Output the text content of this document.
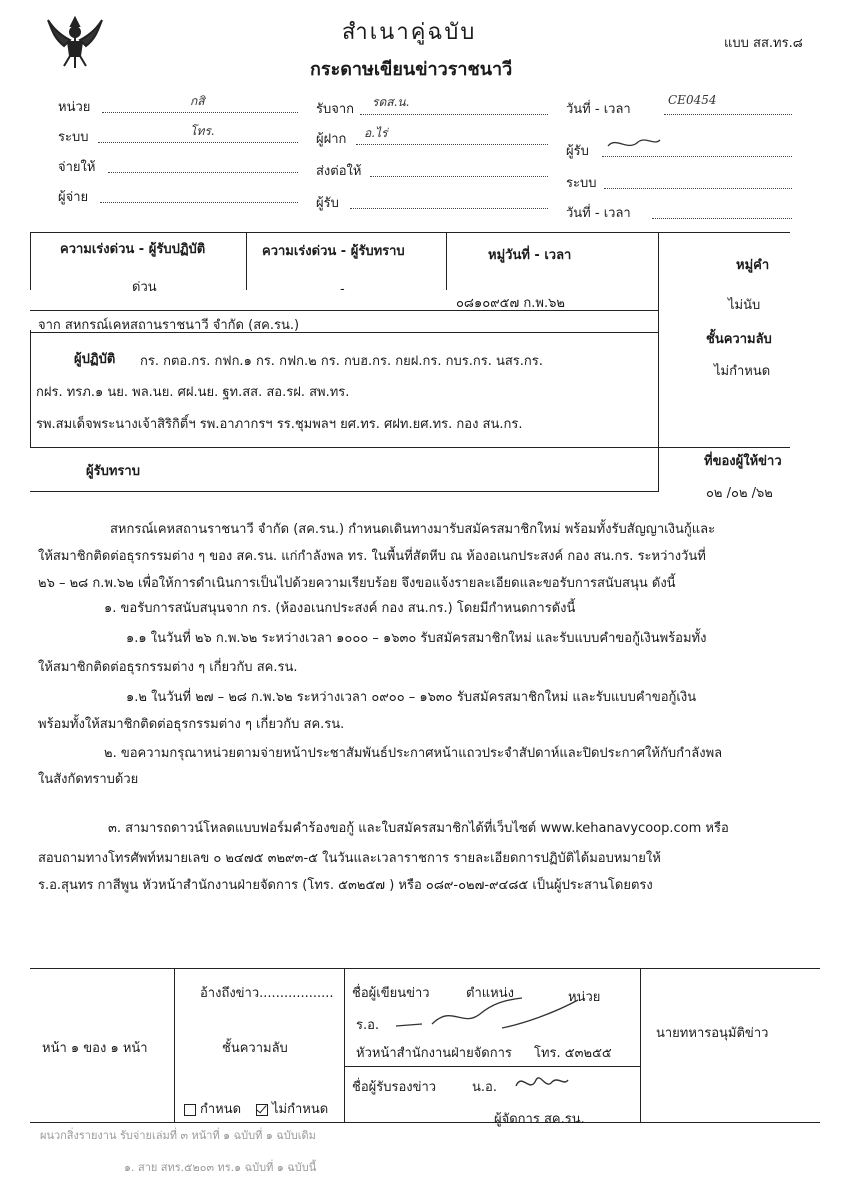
สำเนาคู่ฉบับ
กระดาษเขียนข่าวราชนาวี
แบบ สส.ทร.๘
หน่วย	กสิ
ระบบ	โทร.
จ่ายให้
ผู้จ่าย
รับจาก รดส.น.
ผู้ฝาก อ.ไร่
ส่งต่อให้
ผู้รับ
วันที่ - เวลา
CE0454
ผู้รับ
ระบบ
วันที่ - เวลา
ความเร่งด่วน - ผู้รับปฏิบัติ
ด่วน
ความเร่งด่วน - ผู้รับทราบ
-
หมู่วันที่ - เวลา
๐๘๑๐๙๕๗ ก.พ.๖๒
หมู่คำ
ไม่นับ
จาก สหกรณ์เคหสถานราชนาวี จำกัด (สค.รน.)
ชั้นความลับ
ไม่กำหนด
ผู้ปฏิบัติ กร. กตอ.กร. กฟก.๑ กร. กฟก.๒ กร. กบฮ.กร. กยฝ.กร. กบร.กร. นสร.กร.
กฝร. ทรภ.๑ นย. พล.นย. ศฝ.นย. ฐท.สส. สอ.รฝ. สพ.ทร.
รพ.สมเด็จพระนางเจ้าสิริกิติ์ฯ รพ.อาภากรฯ รร.ชุมพลฯ ยศ.ทร. ศฝท.ยศ.ทร. กอง สน.กร.
ผู้รับทราบ
ที่ของผู้ให้ข่าว
๐๒ /๐๒ /๖๒
สหกรณ์เคหสถานราชนาวี จำกัด (สค.รน.) กำหนดเดินทางมารับสมัครสมาชิกใหม่ พร้อมทั้งรับสัญญาเงินกู้และ
ให้สมาชิกติดต่อธุรกรรมต่าง ๆ ของ สค.รน. แก่กำลังพล ทร. ในพื้นที่สัตหีบ ณ ห้องอเนกประสงค์ กอง สน.กร. ระหว่างวันที่
๒๖ – ๒๘ ก.พ.๖๒ เพื่อให้การดำเนินการเป็นไปด้วยความเรียบร้อย จึงขอแจ้งรายละเอียดและขอรับการสนับสนุน ดังนี้
๑. ขอรับการสนับสนุนจาก กร. (ห้องอเนกประสงค์ กอง สน.กร.) โดยมีกำหนดการดังนี้
๑.๑ ในวันที่ ๒๖ ก.พ.๖๒ ระหว่างเวลา ๑๐๐๐ – ๑๖๓๐ รับสมัครสมาชิกใหม่ และรับแบบคำขอกู้เงินพร้อมทั้ง
ให้สมาชิกติดต่อธุรกรรมต่าง ๆ เกี่ยวกับ สค.รน.
๑.๒ ในวันที่ ๒๗ – ๒๘ ก.พ.๖๒ ระหว่างเวลา ๐๙๐๐ – ๑๖๓๐ รับสมัครสมาชิกใหม่ และรับแบบคำขอกู้เงิน
พร้อมทั้งให้สมาชิกติดต่อธุรกรรมต่าง ๆ เกี่ยวกับ สค.รน.
๒. ขอความกรุณาหน่วยตามจ่ายหน้าประชาสัมพันธ์ประกาศหน้าแถวประจำสัปดาห์และปิดประกาศให้กับกำลังพล
ในสังกัดทราบด้วย
๓. สามารถดาวน์โหลดแบบฟอร์มคำร้องขอกู้ และใบสมัครสมาชิกได้ที่เว็บไซต์ www.kehanavycoop.com หรือ
สอบถามทางโทรศัพท์หมายเลข ๐ ๒๔๗๕ ๓๒๙๓-๕ ในวันและเวลาราชการ รายละเอียดการปฏิบัติได้มอบหมายให้
ร.อ.สุนทร กาสีพูน หัวหน้าสำนักงานฝ่ายจัดการ (โทร. ๕๓๒๕๗ ) หรือ ๐๘๙-๐๒๗-๙๔๘๕ เป็นผู้ประสานโดยตรง
หน้า ๑ ของ ๑ หน้า
อ้างถึงข่าว..................
ชั้นความลับ
กำหนด	ไม่กำหนด
ชื่อผู้เขียนข่าว	ตำแหน่ง	หน่วย
ร.อ.
หัวหน้าสำนักงานฝ่ายจัดการ โทร. ๕๓๒๕๕
ชื่อผู้รับรองข่าว	น.อ.
ผู้จัดการ สค.รน.
นายทหารอนุมัติข่าว
ผนวกสิ่งรายงาน รับจ่ายเล่มที่ ๓ หน้าที่ ๑ ฉบับที่ ๑ ฉบับเดิม
๑. สาย สทร.๕๒๐๓ ทร.๑ ฉบับที่ ๑ ฉบับนี้
